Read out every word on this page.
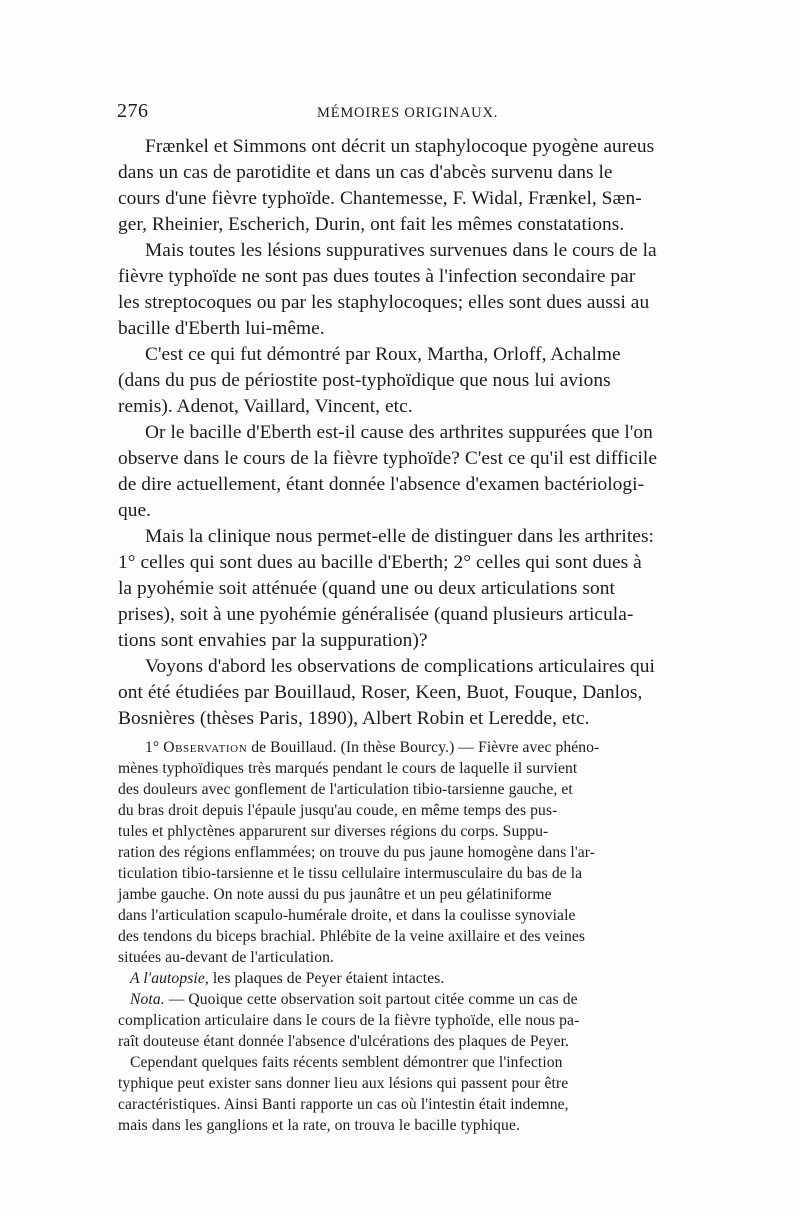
276	MÉMOIRES ORIGINAUX.

Frænkel et Simmons ont décrit un staphylocoque pyogène aureus

dans un cas de parotidite et dans un cas d'abcès survenu dans le

cours d'une fièvre typhoïde. Chantemesse, F. Widal, Frænkel, Sæn-

ger, Rheinier, Escherich, Durin, ont fait les mêmes constatations.

Mais toutes les lésions suppuratives survenues dans le cours de la

fièvre typhoïde ne sont pas dues toutes à l'infection secondaire par

les streptocoques ou par les staphylocoques; elles sont dues aussi au

bacille d'Eberth lui-même.

C'est ce qui fut démontré par Roux, Martha, Orloff, Achalme

(dans du pus de périostite post-typhoïdique que nous lui avions

remis). Adenot, Vaillard, Vincent, etc.

Or le bacille d'Eberth est-il cause des arthrites suppurées que l'on

observe dans le cours de la fièvre typhoïde? C'est ce qu'il est difficile

de dire actuellement, étant donnée l'absence d'examen bactériologi-

que.

Mais la clinique nous permet-elle de distinguer dans les arthrites:

1° celles qui sont dues au bacille d'Eberth; 2° celles qui sont dues à

la pyohémie soit atténuée (quand une ou deux articulations sont

prises), soit à une pyohémie généralisée (quand plusieurs articula-

tions sont envahies par la suppuration)?

Voyons d'abord les observations de complications articulaires qui

ont été étudiées par Bouillaud, Roser, Keen, Buot, Fouque, Danlos,

Bosnières (thèses Paris, 1890), Albert Robin et Leredde, etc.

1° Observation de Bouillaud. (In thèse Bourcy.) — Fièvre avec phéno-

mènes typhoïdiques très marqués pendant le cours de laquelle il survient

des douleurs avec gonflement de l'articulation tibio-tarsienne gauche, et

du bras droit depuis l'épaule jusqu'au coude, en même temps des pus-

tules et phlyctènes apparurent sur diverses régions du corps. Suppu-

ration des régions enflammées; on trouve du pus jaune homogène dans l'ar-

ticulation tibio-tarsienne et le tissu cellulaire intermusculaire du bas de la

jambe gauche. On note aussi du pus jaunâtre et un peu gélatiniforme

dans l'articulation scapulo-humérale droite, et dans la coulisse synoviale

des tendons du biceps brachial. Phlébite de la veine axillaire et des veines

situées au-devant de l'articulation.

A l'autopsie, les plaques de Peyer étaient intactes.

Nota. — Quoique cette observation soit partout citée comme un cas de

complication articulaire dans le cours de la fièvre typhoïde, elle nous pa-

raît douteuse étant donnée l'absence d'ulcérations des plaques de Peyer.

Cependant quelques faits récents semblent démontrer que l'infection

typhique peut exister sans donner lieu aux lésions qui passent pour être

caractéristiques. Ainsi Banti rapporte un cas où l'intestin était indemne,

mais dans les ganglions et la rate, on trouva le bacille typhique.
